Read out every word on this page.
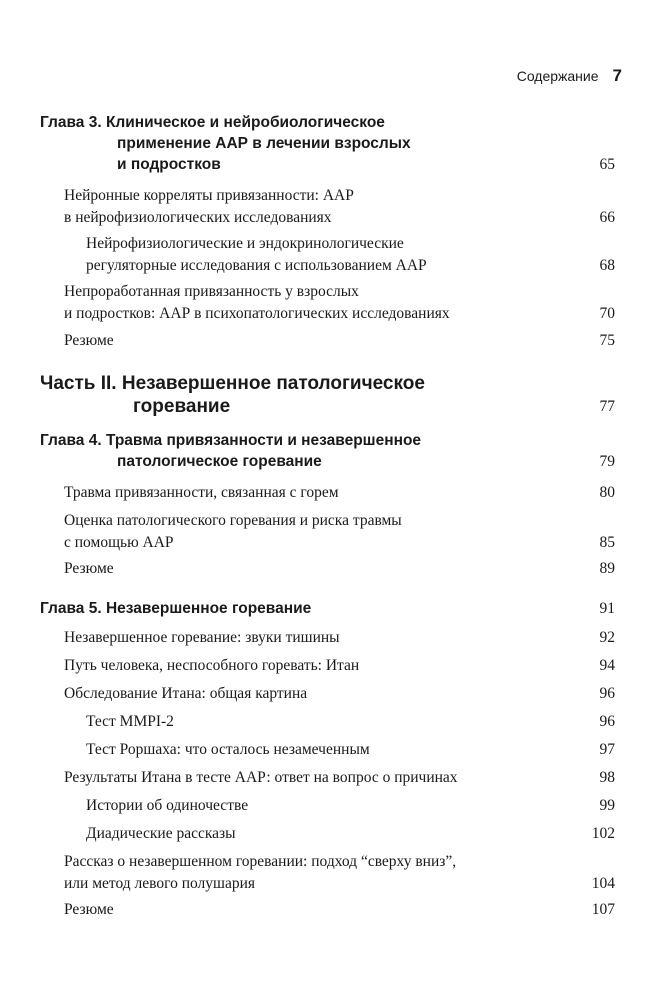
Содержание 7
Глава 3. Клиническое и нейробиологическое
применение ААР в лечении взрослых
и подростков	65
Нейронные корреляты привязанности: ААР
в нейрофизиологических исследованиях	66
Нейрофизиологические и эндокринологические
регуляторные исследования с использованием ААР	68
Непроработанная привязанность у взрослых
и подростков: ААР в психопатологических исследованиях	70
Резюме	75
Часть II. Незавершенное патологическое
горевание	77
Глава 4. Травма привязанности и незавершенное
патологическое горевание	79
Травма привязанности, связанная с горем	80
Оценка патологического горевания и риска травмы
с помощью ААР	85
Резюме	89
Глава 5. Незавершенное горевание	91
Незавершенное горевание: звуки тишины	92
Путь человека, неспособного горевать: Итан	94
Обследование Итана: общая картина	96
Тест MMPI-2	96
Тест Роршаха: что осталось незамеченным	97
Результаты Итана в тесте ААР: ответ на вопрос о причинах	98
Истории об одиночестве	99
Диадические рассказы	102
Рассказ о незавершенном горевании: подход “сверху вниз”,
или метод левого полушария	104
Резюме	107
